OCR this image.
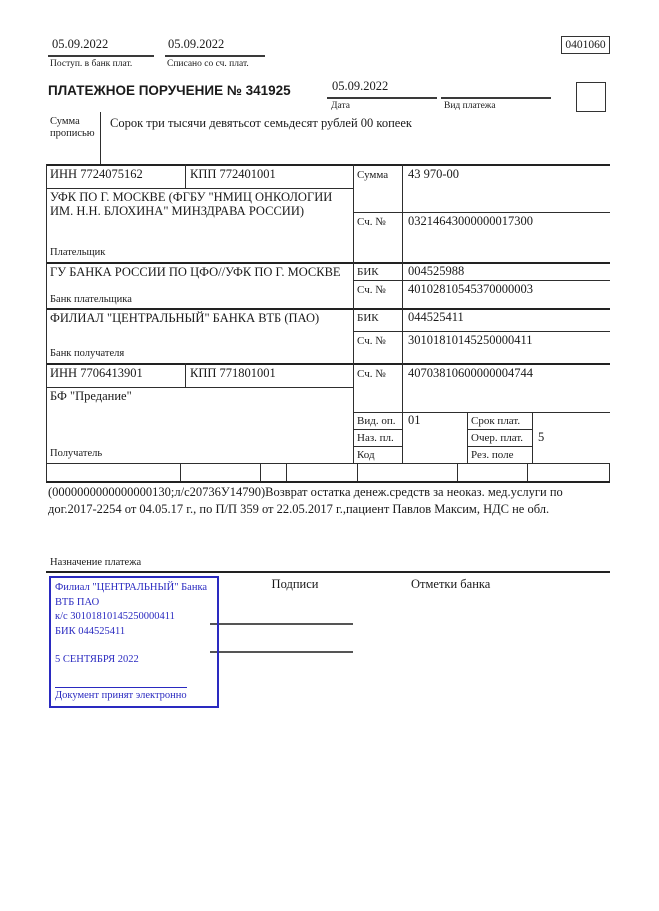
05.09.2022
Поступ. в банк плат.
05.09.2022
Списано со сч. плат.
0401060
ПЛАТЕЖНОЕ ПОРУЧЕНИЕ № 341925	05.09.2022
Дата	Вид платежа
Сумма прописью
Сорок три тысячи девятьсот семьдесят рублей 00 копеек
ИНН 7724075162	КПП 772401001	Сумма 43 970-00
УФК ПО Г. МОСКВЕ (ФГБУ "НМИЦ ОНКОЛОГИИ ИМ. Н.Н. БЛОХИНА" МИНЗДРАВА РОССИИ)
Сч. № 03214643000000017300
Плательщик
ГУ БАНКА РОССИИ ПО ЦФО//УФК ПО Г. МОСКВЕ БИК 004525988
Сч. № 40102810545370000003
Банк плательщика
ФИЛИАЛ "ЦЕНТРАЛЬНЫЙ" БАНКА ВТБ (ПАО)	БИК 044525411
Сч. № 30101810145250000411
Банк получателя
ИНН 7706413901	КПП 771801001	Сч. № 40703810600000004744
БФ "Предание"
Вид. оп. 01	Срок плат.
Наз. пл.	Очер. плат. 5
Код	Рез. поле
Получатель
(0000000000000000130;л/с20736У14790)Возврат остатка денеж.средств за неоказ. мед.услуги по дог.2017-2254 от 04.05.17 г., по П/П 359 от 22.05.2017 г.,пациент Павлов Максим, НДС не обл.
Назначение платежа
Подписи	Отметки банка
Филиал "ЦЕНТРАЛЬНЫЙ" Банка
ВТБ ПАО
к/с 30101810145250000411
БИК 044525411
5 СЕНТЯБРЯ 2022
Документ принят электронно
